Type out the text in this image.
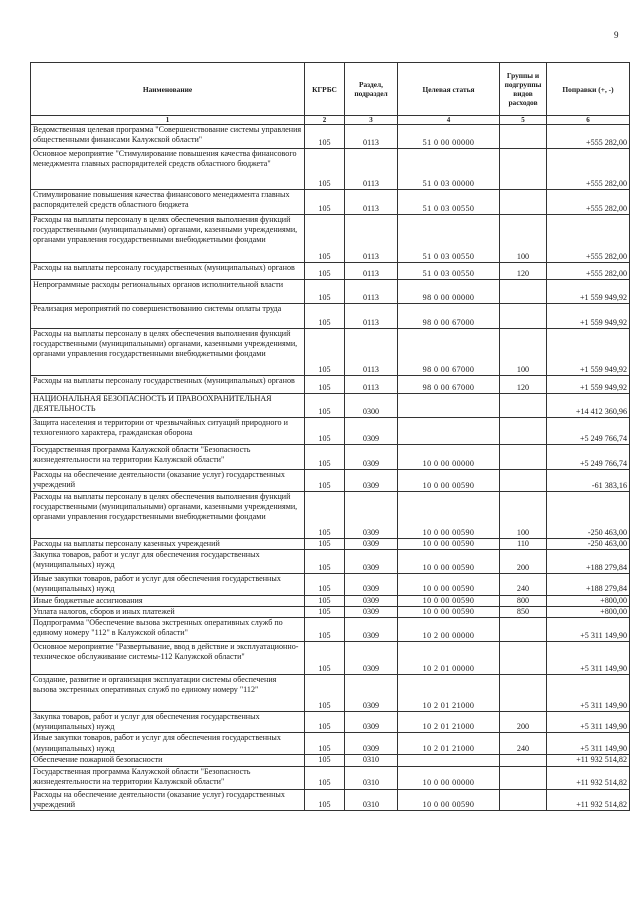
9
Наименование	КГРБС	Раздел, подраздел	Целевая статья	Группы и подгруппы видов расходов	Поправки (+, -)
1	2	3	4	5	6
Ведомственная целевая программа "Совершенствование системы управления общественными финансами Калужской области"	105	0113	51 0 00 00000		+555 282,00
Основное мероприятие "Стимулирование повышения качества финансового менеджмента главных распорядителей средств областного бюджета"	105	0113	51 0 03 00000		+555 282,00
Стимулирование повышения качества финансового менеджмента главных распорядителей средств областного бюджета	105	0113	51 0 03 00550		+555 282,00
Расходы на выплаты персоналу в целях обеспечения выполнения функций государственными (муниципальными) органами, казенными учреждениями, органами управления государственными внебюджетными фондами	105	0113	51 0 03 00550	100	+555 282,00
Расходы на выплаты персоналу государственных (муниципальных) органов	105	0113	51 0 03 00550	120	+555 282,00
Непрограммные расходы региональных органов исполнительной власти	105	0113	98 0 00 00000		+1 559 949,92
Реализация мероприятий по совершенствованию системы оплаты труда	105	0113	98 0 00 67000		+1 559 949,92
Расходы на выплаты персоналу в целях обеспечения выполнения функций государственными (муниципальными) органами, казенными учреждениями, органами управления государственными внебюджетными фондами	105	0113	98 0 00 67000	100	+1 559 949,92
Расходы на выплаты персоналу государственных (муниципальных) органов	105	0113	98 0 00 67000	120	+1 559 949,92
НАЦИОНАЛЬНАЯ БЕЗОПАСНОСТЬ И ПРАВООХРАНИТЕЛЬНАЯ ДЕЯТЕЛЬНОСТЬ	105	0300			+14 412 360,96
Защита населения и территории от чрезвычайных ситуаций природного и техногенного характера, гражданская оборона	105	0309			+5 249 766,74
Государственная программа Калужской области "Безопасность жизнедеятельности на территории Калужской области"	105	0309	10 0 00 00000		+5 249 766,74
Расходы на обеспечение деятельности (оказание услуг) государственных учреждений	105	0309	10 0 00 00590		-61 383,16
Расходы на выплаты персоналу в целях обеспечения выполнения функций государственными (муниципальными) органами, казенными учреждениями, органами управления государственными внебюджетными фондами	105	0309	10 0 00 00590	100	-250 463,00
Расходы на выплаты персоналу казенных учреждений	105	0309	10 0 00 00590	110	-250 463,00
Закупка товаров, работ и услуг для обеспечения государственных (муниципальных) нужд	105	0309	10 0 00 00590	200	+188 279,84
Иные закупки товаров, работ и услуг для обеспечения государственных (муниципальных) нужд	105	0309	10 0 00 00590	240	+188 279,84
Иные бюджетные ассигнования	105	0309	10 0 00 00590	800	+800,00
Уплата налогов, сборов и иных платежей	105	0309	10 0 00 00590	850	+800,00
Подпрограмма "Обеспечение вызова экстренных оперативных служб по единому номеру "112" в Калужской области"	105	0309	10 2 00 00000		+5 311 149,90
Основное мероприятие "Развертывание, ввод в действие и эксплуатационно-техническое обслуживание системы-112 Калужской области"	105	0309	10 2 01 00000		+5 311 149,90
Создание, развитие и организация эксплуатации системы обеспечения вызова экстренных оперативных служб по единому номеру "112"	105	0309	10 2 01 21000		+5 311 149,90
Закупка товаров, работ и услуг для обеспечения государственных (муниципальных) нужд	105	0309	10 2 01 21000	200	+5 311 149,90
Иные закупки товаров, работ и услуг для обеспечения государственных (муниципальных) нужд	105	0309	10 2 01 21000	240	+5 311 149,90
Обеспечение пожарной безопасности	105	0310			+11 932 514,82
Государственная программа Калужской области "Безопасность жизнедеятельности на территории Калужской области"	105	0310	10 0 00 00000		+11 932 514,82
Расходы на обеспечение деятельности (оказание услуг) государственных учреждений	105	0310	10 0 00 00590		+11 932 514,82
